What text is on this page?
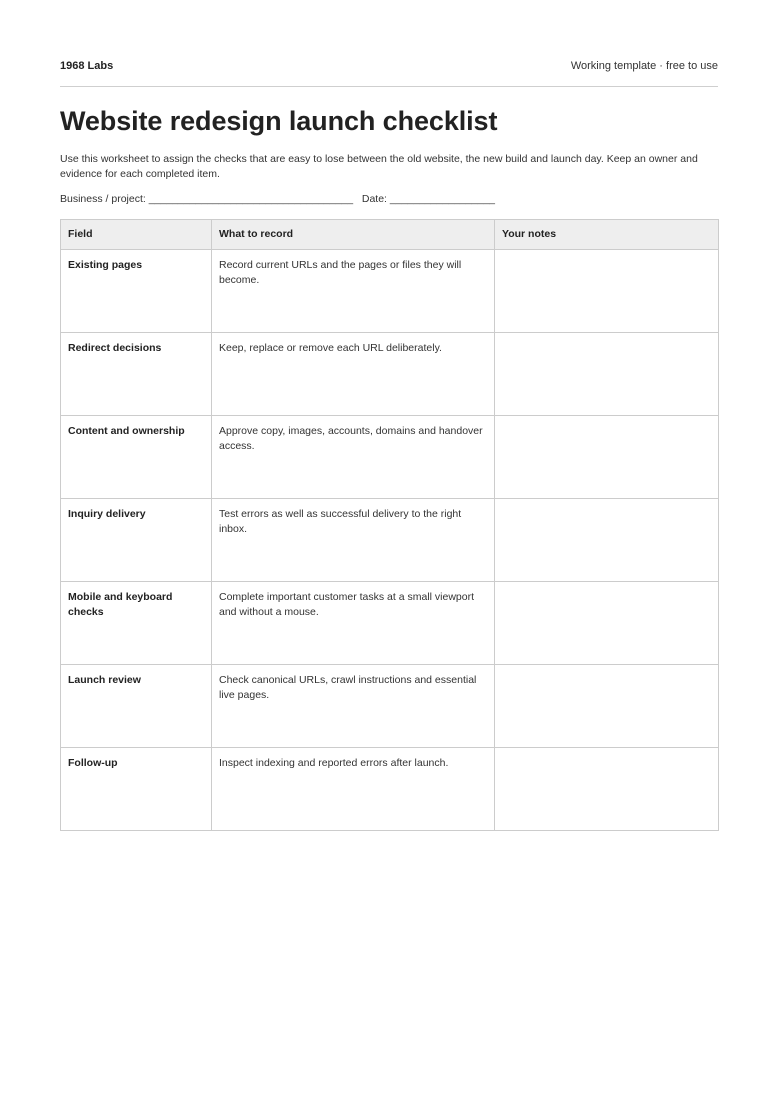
1968 Labs	Working template · free to use
Website redesign launch checklist

Use this worksheet to assign the checks that are easy to lose between the old website, the new build and launch day. Keep an owner and evidence for each completed item.

Business / project: ___________________________________ Date: __________________
Field	What to record	Your notes
Existing pages	Record current URLs and the pages or files they will become.	
Redirect decisions	Keep, replace or remove each URL deliberately.	
Content and ownership	Approve copy, images, accounts, domains and handover access.	
Inquiry delivery	Test errors as well as successful delivery to the right inbox.	
Mobile and keyboard checks	Complete important customer tasks at a small viewport and without a mouse.	
Launch review	Check canonical URLs, crawl instructions and essential live pages.	
Follow-up	Inspect indexing and reported errors after launch.	
